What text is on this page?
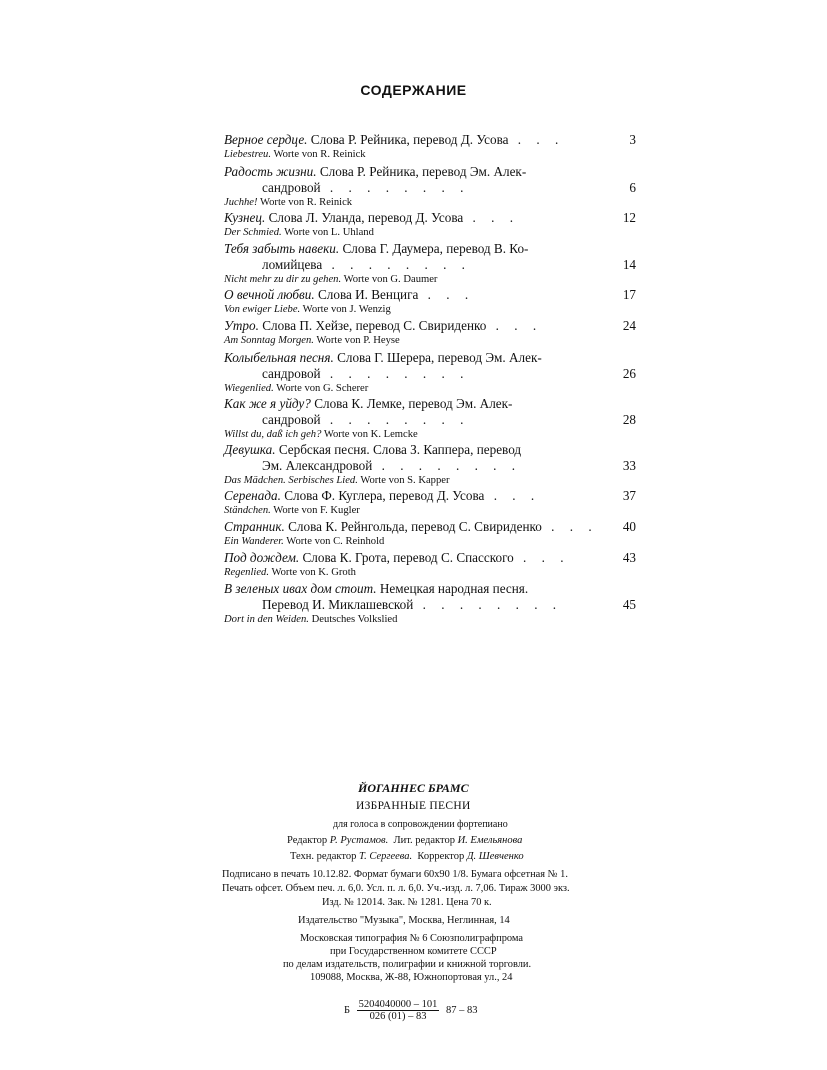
СОДЕРЖАНИЕ
Верное сердце. Слова Р. Рейника, перевод Д. Усова . . .	3
Liebestreu. Worte von R. Reinick
Радость жизни. Слова Р. Рейника, перевод Эм. Алек-
сандровой . . . . . . . .	6
Juchhe! Worte von R. Reinick
Кузнец. Слова Л. Уланда, перевод Д. Усова . . .	12
Der Schmied. Worte von L. Uhland
Тебя забыть навеки. Слова Г. Даумера, перевод В. Ко-
ломийцева . . . . . . . .	14
Nicht mehr zu dir zu gehen. Worte von G. Daumer
О вечной любви. Слова И. Венцига . . .	17
Von ewiger Liebe. Worte von J. Wenzig
Утро. Слова П. Хейзе, перевод С. Свириденко . . .	24
Am Sonntag Morgen. Worte von P. Heyse
Колыбельная песня. Слова Г. Шерера, перевод Эм. Алек-
сандровой . . . . . . . .	26
Wiegenlied. Worte von G. Scherer
Как же я уйду? Слова К. Лемке, перевод Эм. Алек-
сандровой . . . . . . . .	28
Willst du, daß ich geh? Worte von K. Lemcke
Девушка. Сербская песня. Слова З. Каппера, перевод
Эм. Александровой . . . . . . . .	33
Das Mädchen. Serbisches Lied. Worte von S. Kapper
Серенада. Слова Ф. Куглера, перевод Д. Усова . . .	37
Ständchen. Worte von F. Kugler
Странник. Слова К. Рейнгольда, перевод С. Свириденко . . .	40
Ein Wanderer. Worte von C. Reinhold
Под дождем. Слова К. Грота, перевод С. Спасского . . .	43
Regenlied. Worte von K. Groth
В зеленых ивах дом стоит. Немецкая народная песня.
Перевод И. Миклашевской . . . . . . . .	45
Dort in den Weiden. Deutsches Volkslied
ЙОГАННЕС БРАМС
ИЗБРАННЫЕ ПЕСНИ
для голоса в сопровождении фортепиано
Редактор Р. Рустамов. Лит. редактор И. Емельянова
Техн. редактор Т. Сергеева. Корректор Д. Шевченко
Подписано в печать 10.12.82. Формат бумаги 60x90 1/8. Бумага офсетная № 1.
Печать офсет. Объем печ. л. 6,0. Усл. п. л. 6,0. Уч.-изд. л. 7,06. Тираж 3000 экз.
Изд. № 12014. Зак. № 1281. Цена 70 к.
Издательство "Музыка", Москва, Неглинная, 14
Московская типография № 6 Союзполиграфпрома
при Государственном комитете СССР
по делам издательств, полиграфии и книжной торговли.
109088, Москва, Ж-88, Южнопортовая ул., 24
Б $\frac{5204040000 - 101}{026 (01) - 83} 87 - 83$
